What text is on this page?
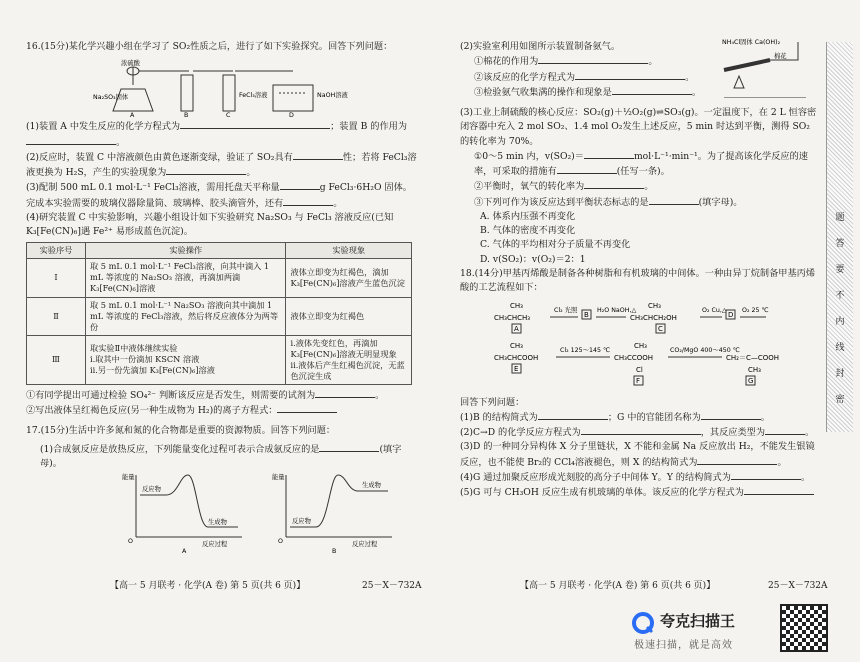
16.(15分)某化学兴趣小组在学习了 SO₂性质之后，进行了如下实验探究。回答下列问题：
浓硫酸
Na₂SO₃固体	FeCl₃溶液	NaOH溶液
A	B	C	D
(1)装置 A 中发生反应的化学方程式为	；装置 B 的作用为。
(2)反应时，装置 C 中溶液颜色由黄色逐渐变绿，验证了 SO₂具有	性；若将 FeCl₃溶液更换为 H₂S，产生的实验现象为	。
(3)配制 500 mL 0.1 mol·L⁻¹ FeCl₃溶液，需用托盘天平称量	g FeCl₃·6H₂O 固体。完成本实验需要的玻璃仪器除量筒、玻璃棒、胶头滴管外，还有	。
(4)研究装置 C 中实验影响，兴趣小组设计如下实验研究 Na₂SO₃ 与 FeCl₃ 溶液反应(已知 K₃[Fe(CN)₆]遇 Fe²⁺ 易形成蓝色沉淀)。
实验序号	实验操作	实验现象
Ⅰ	取 5 mL 0.1 mol·L⁻¹ FeCl₃溶液，向其中滴入 1 mL 等浓度的 Na₂SO₃ 溶液，再滴加两滴 K₃[Fe(CN)₆]溶液	液体立即变为红褐色，滴加 K₃[Fe(CN)₆]溶液产生蓝色沉淀
Ⅱ	取 5 mL 0.1 mol·L⁻¹ Na₂SO₃ 溶液向其中滴加 1 mL 等浓度的 FeCl₃溶液，然后将反应液体分为两等份	液体立即变为红褐色
Ⅲ	取实验Ⅱ中液体继续实验
ⅰ.取其中一份滴加 KSCN 溶液
ⅱ.另一份先滴加 K₃[Fe(CN)₆]溶液	ⅰ.液体先变红色，再滴加 K₃[Fe(CN)₆]溶液无明显现象
ⅱ.液体后产生红褐色沉淀，无蓝色沉淀生成
①有同学提出可通过检验 SO₄²⁻ 判断该反应是否发生，则需要的试剂为	。
②写出液体呈红褐色反应(另一种生成物为 H₂)的离子方程式：
17.(15分)生活中许多氮和氮的化合物都是重要的资源物质。回答下列问题：
(1)合成氨反应是放热反应，下列能量变化过程可表示合成氨反应的是	(填字母)。
能量
反应物
生成物
反应过程
O
A
能量
反应物
生成物
反应过程
O
B
【高一 5 月联考 · 化学(A 卷) 第 5 页(共 6 页)】	25－X－732A
(2)实验室利用如图所示装置制备氨气。	NH₄Cl固体 Ca(OH)₂
棉花
①棉花的作用为	。
②该反应的化学方程式为	。
③检验氨气收集满的操作和现象是	。
(3)工业上制硫酸的核心反应：SO₂(g)＋½O₂(g)⇌SO₃(g)。一定温度下，在 2 L 恒容密闭容器中充入 2 mol SO₂、1.4 mol O₂发生上述反应，5 min 时达到平衡，测得 SO₂的转化率为 70%。
①0～5 min 内，v(SO₂)＝	mol·L⁻¹·min⁻¹。为了提高该化学反应的速率，可采取的措施有	(任写一条)。
②平衡时，氧气的转化率为	。
③下列可作为该反应达到平衡状态标志的是	(填字母)。
A. 体系内压强不再变化
B. 气体的密度不再变化
C. 气体的平均相对分子质量不再变化
D. v(SO₂)：v(O₂)＝2：1
18.(14分)甲基丙烯酸是制备各种树脂和有机玻璃的中间体。一种由异丁烷制备甲基丙烯酸的工艺流程如下：
CH₃
CH₃CHCH₃
A
Cl₂ 光照
B
H₂O NaOH,△
CH₃
CH₃CHCH₂OH
C
O₂ Cu,△
D
O₂ 25 ℃
CH₃
CH₃CHCOOH
E
Cl₂ 125～145 ℃
CH₃
CH₃CCOOH
Cl
F
CO₂/MgO 400～450 ℃
CH₂＝C—COOH
CH₃
G
回答下列问题：
(1)B 的结构简式为	；G 中的官能团名称为	。
(2)C→D 的化学反应方程式为	，其反应类型为	。
(3)D 的一种同分异构体 X 分子里链状，X 不能和金属 Na 反应放出 H₂，不能发生银镜反应，也不能使 Br₂的 CCl₄溶液褪色，则 X 的结构简式为	。
(4)G 通过加聚反应形成光刻胶的高分子中间体 Y。Y 的结构简式为	。
(5)G 可与 CH₃OH 反应生成有机玻璃的单体。该反应的化学方程式为
【高一 5 月联考 · 化学(A 卷) 第 6 页(共 6 页)】	25－X－732A
题
答
要
不
内
线
封
密
夸克扫描王
极速扫描，就是高效
